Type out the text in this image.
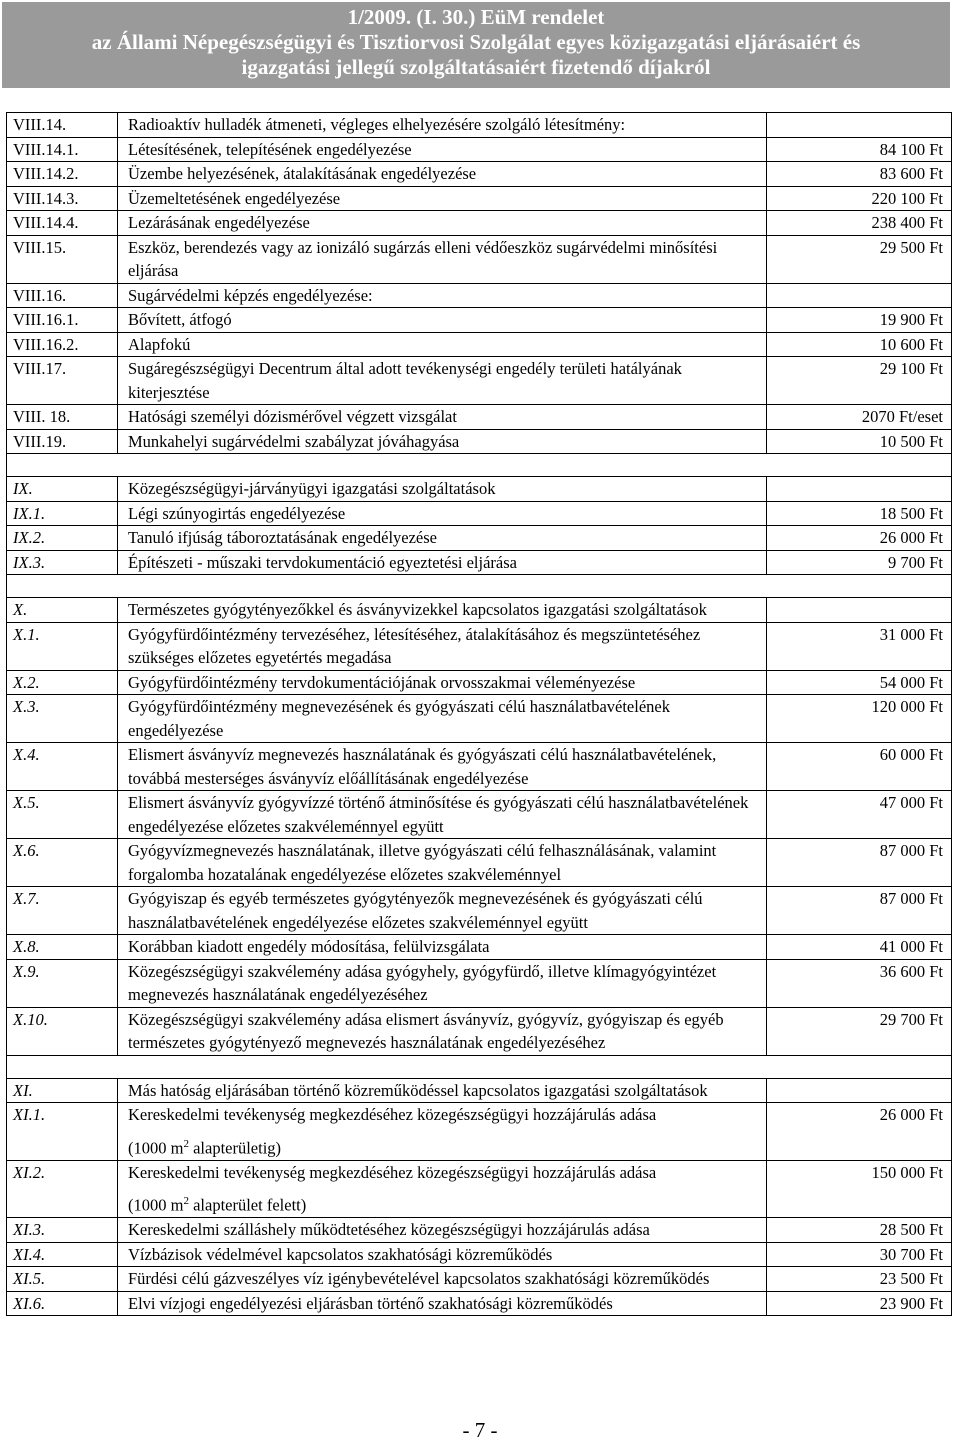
1/2009. (I. 30.) EüM rendelet
az Állami Népegészségügyi és Tisztiorvosi Szolgálat egyes közigazgatási eljárásaiért és
igazgatási jellegű szolgáltatásaiért fizetendő díjakról
VIII.14.	Radioaktív hulladék átmeneti, végleges elhelyezésére szolgáló létesítmény:	
VIII.14.1.	Létesítésének, telepítésének engedélyezése	84 100 Ft
VIII.14.2.	Üzembe helyezésének, átalakításának engedélyezése	83 600 Ft
VIII.14.3.	Üzemeltetésének engedélyezése	220 100 Ft
VIII.14.4.	Lezárásának engedélyezése	238 400 Ft
VIII.15.	Eszköz, berendezés vagy az ionizáló sugárzás elleni védőeszköz sugárvédelmi minősítési eljárása	29 500 Ft
VIII.16.	Sugárvédelmi képzés engedélyezése:	
VIII.16.1.	Bővített, átfogó	19 900 Ft
VIII.16.2.	Alapfokú	10 600 Ft
VIII.17.	Sugáregészségügyi Decentrum által adott tevékenységi engedély területi hatályának kiterjesztése	29 100 Ft
VIII. 18.	Hatósági személyi dózismérővel végzett vizsgálat	2070 Ft/eset
VIII.19.	Munkahelyi sugárvédelmi szabályzat jóváhagyása	10 500 Ft

IX.	Közegészségügyi-járványügyi igazgatási szolgáltatások	
IX.1.	Légi szúnyogirtás engedélyezése	18 500 Ft
IX.2.	Tanuló ifjúság táboroztatásának engedélyezése	26 000 Ft
IX.3.	Építészeti - műszaki tervdokumentáció egyeztetési eljárása	9 700 Ft

X.	Természetes gyógytényezőkkel és ásványvizekkel kapcsolatos igazgatási szolgáltatások	
X.1.	Gyógyfürdőintézmény tervezéséhez, létesítéséhez, átalakításához és megszüntetéséhez szükséges előzetes egyetértés megadása	31 000 Ft
X.2.	Gyógyfürdőintézmény tervdokumentációjának orvosszakmai véleményezése	54 000 Ft
X.3.	Gyógyfürdőintézmény megnevezésének és gyógyászati célú használatbavételének engedélyezése	120 000 Ft
X.4.	Elismert ásványvíz megnevezés használatának és gyógyászati célú használatbavételének, továbbá mesterséges ásványvíz előállításának engedélyezése	60 000 Ft
X.5.	Elismert ásványvíz gyógyvízzé történő átminősítése és gyógyászati célú használatbavételének engedélyezése előzetes szakvéleménnyel együtt	47 000 Ft
X.6.	Gyógyvízmegnevezés használatának, illetve gyógyászati célú felhasználásának, valamint forgalomba hozatalának engedélyezése előzetes szakvéleménnyel	87 000 Ft
X.7.	Gyógyiszap és egyéb természetes gyógytényezők megnevezésének és gyógyászati célú használatbavételének engedélyezése előzetes szakvéleménnyel együtt	87 000 Ft
X.8.	Korábban kiadott engedély módosítása, felülvizsgálata	41 000 Ft
X.9.	Közegészségügyi szakvélemény adása gyógyhely, gyógyfürdő, illetve klímagyógyintézet megnevezés használatának engedélyezéséhez	36 600 Ft
X.10.	Közegészségügyi szakvélemény adása elismert ásványvíz, gyógyvíz, gyógyiszap és egyéb természetes gyógytényező megnevezés használatának engedélyezéséhez	29 700 Ft

XI.	Más hatóság eljárásában történő közreműködéssel kapcsolatos igazgatási szolgáltatások	
XI.1.	Kereskedelmi tevékenység megkezdéséhez közegészségügyi hozzájárulás adása
(1000 $m^2$ alapterületig)	26 000 Ft
XI.2.	Kereskedelmi tevékenység megkezdéséhez közegészségügyi hozzájárulás adása
(1000 $m^2$ alapterület felett)	150 000 Ft
XI.3.	Kereskedelmi szálláshely működtetéséhez közegészségügyi hozzájárulás adása	28 500 Ft
XI.4.	Vízbázisok védelmével kapcsolatos szakhatósági közreműködés	30 700 Ft
XI.5.	Fürdési célú gázveszélyes víz igénybevételével kapcsolatos szakhatósági közreműködés	23 500 Ft
XI.6.	Elvi vízjogi engedélyezési eljárásban történő szakhatósági közreműködés	23 900 Ft
- 7 -
